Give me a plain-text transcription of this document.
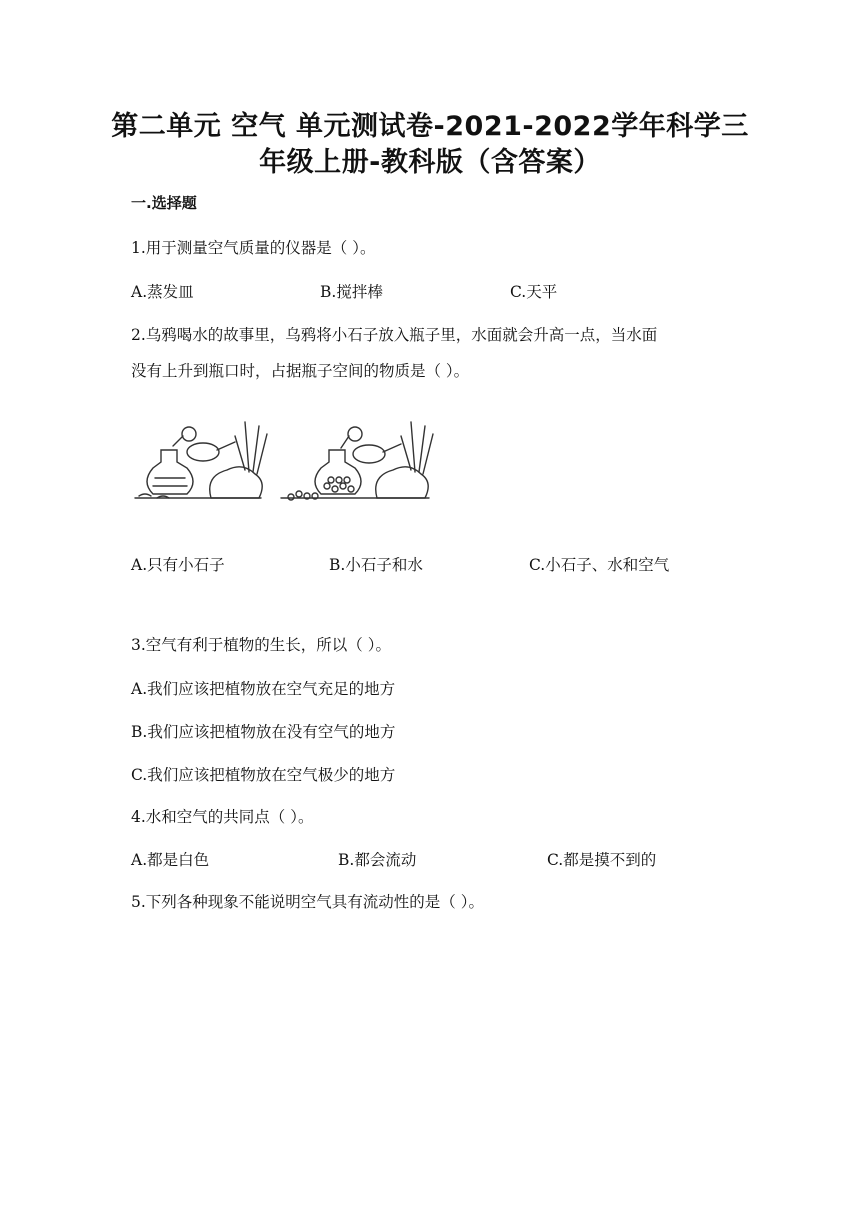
第二单元 空气 单元测试卷-2021-2022学年科学三
年级上册-教科版（含答案）
一.选择题
1.用于测量空气质量的仪器是（ ）。
A.蒸发皿	B.搅拌棒	C.天平
2.乌鸦喝水的故事里，乌鸦将小石子放入瓶子里，水面就会升高一点，当水面
没有上升到瓶口时，占据瓶子空间的物质是（ ）。
A.只有小石子	B.小石子和水	C.小石子、水和空气
3.空气有利于植物的生长，所以（ ）。
A.我们应该把植物放在空气充足的地方
B.我们应该把植物放在没有空气的地方
C.我们应该把植物放在空气极少的地方
4.水和空气的共同点（ ）。
A.都是白色	B.都会流动	C.都是摸不到的
5.下列各种现象不能说明空气具有流动性的是（ ）。
